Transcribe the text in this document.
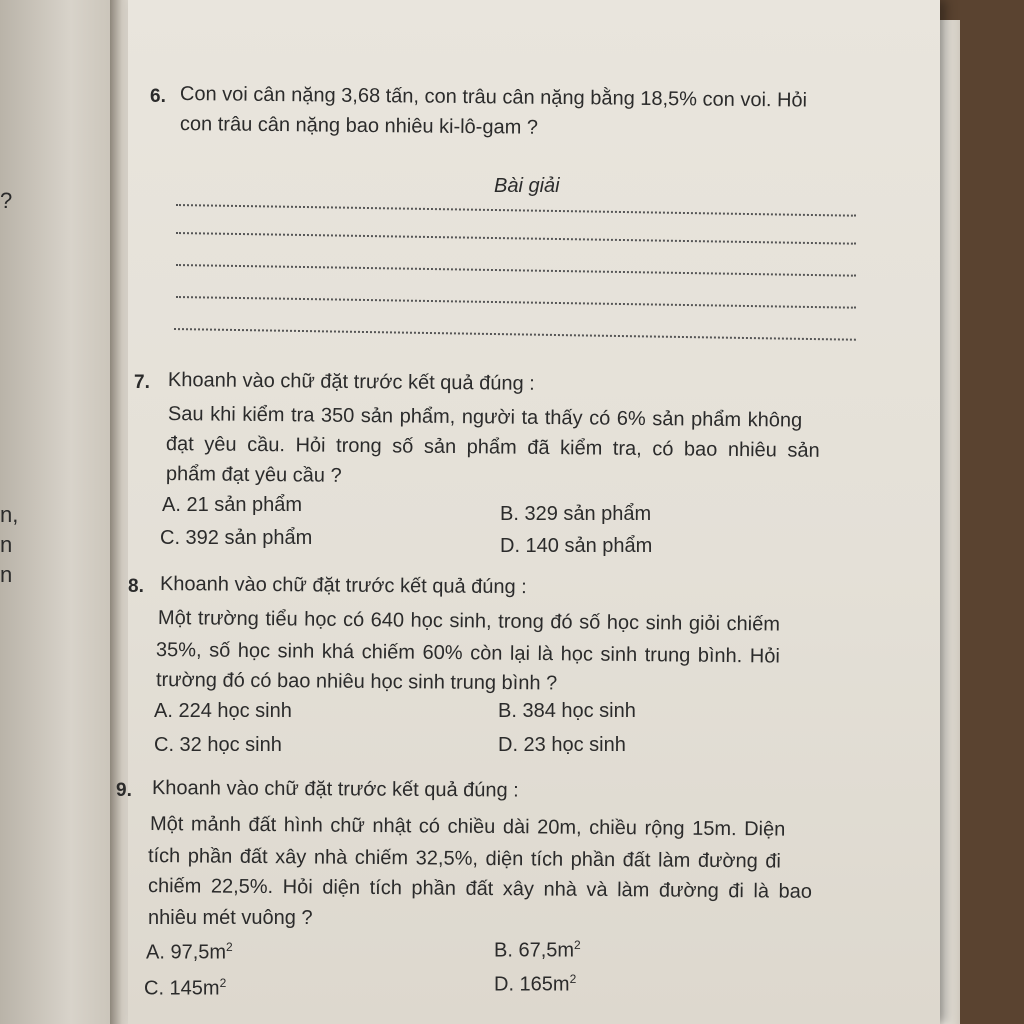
?
n,
n
n
6. Con voi cân nặng 3,68 tấn, con trâu cân nặng bằng 18,5% con voi. Hỏi
con trâu cân nặng bao nhiêu ki-lô-gam ?
Bài giải
7. Khoanh vào chữ đặt trước kết quả đúng :
Sau khi kiểm tra 350 sản phẩm, người ta thấy có 6% sản phẩm không
đạt yêu cầu. Hỏi trong số sản phẩm đã kiểm tra, có bao nhiêu sản
phẩm đạt yêu cầu ?
A. 21 sản phẩm	B. 329 sản phẩm
C. 392 sản phẩm	D. 140 sản phẩm
8. Khoanh vào chữ đặt trước kết quả đúng :
Một trường tiểu học có 640 học sinh, trong đó số học sinh giỏi chiếm
35%, số học sinh khá chiếm 60% còn lại là học sinh trung bình. Hỏi
trường đó có bao nhiêu học sinh trung bình ?
A. 224 học sinh	B. 384 học sinh
C. 32 học sinh	D. 23 học sinh
9. Khoanh vào chữ đặt trước kết quả đúng :
Một mảnh đất hình chữ nhật có chiều dài 20m, chiều rộng 15m. Diện
tích phần đất xây nhà chiếm 32,5%, diện tích phần đất làm đường đi
chiếm 22,5%. Hỏi diện tích phần đất xây nhà và làm đường đi là bao
nhiêu mét vuông ?
A. $97,5m^2$	B. $67,5m^2$
C. $145m^2$	D. $165m^2$
